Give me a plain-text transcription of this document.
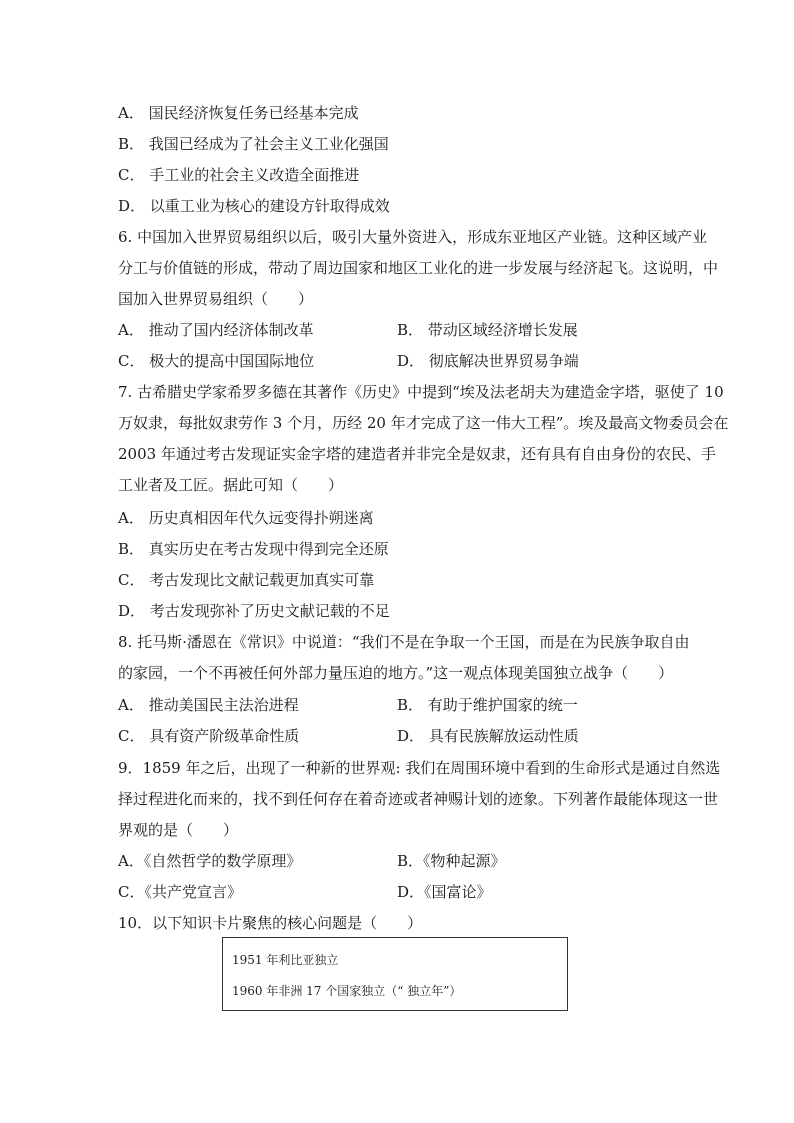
A． 国民经济恢复任务已经基本完成
B． 我国已经成为了社会主义工业化强国
C． 手工业的社会主义改造全面推进
D． 以重工业为核心的建设方针取得成效
6. 中国加入世界贸易组织以后，吸引大量外资进入，形成东亚地区产业链。这种区域产业
分工与价值链的形成，带动了周边国家和地区工业化的进一步发展与经济起飞。这说明，中
国加入世界贸易组织（　　）
A． 推动了国内经济体制改革	B． 带动区域经济增长发展
C． 极大的提高中国国际地位	D． 彻底解决世界贸易争端
7. 古希腊史学家希罗多德在其著作《历史》中提到“埃及法老胡夫为建造金字塔，驱使了 10
万奴隶，每批奴隶劳作 3 个月，历经 20 年才完成了这一伟大工程”。埃及最高文物委员会在
2003 年通过考古发现证实金字塔的建造者并非完全是奴隶，还有具有自由身份的农民、手
工业者及工匠。据此可知（　　）
A． 历史真相因年代久远变得扑朔迷离
B． 真实历史在考古发现中得到完全还原
C． 考古发现比文献记载更加真实可靠
D． 考古发现弥补了历史文献记载的不足
8. 托马斯·潘恩在《常识》中说道：“我们不是在争取一个王国，而是在为民族争取自由
的家园，一个不再被任何外部力量压迫的地方。”这一观点体现美国独立战争（　　）
A． 推动美国民主法治进程	B． 有助于维护国家的统一
C． 具有资产阶级革命性质	D． 具有民族解放运动性质
9．1859 年之后，出现了一种新的世界观: 我们在周围环境中看到的生命形式是通过自然选
择过程进化而来的，找不到任何存在着奇迹或者神赐计划的迹象。下列著作最能体现这一世
界观的是（　　）
A．《自然哲学的数学原理》	B．《物种起源》
C．《共产党宣言》	D．《国富论》
10．以下知识卡片聚焦的核心问题是（　　）
1951 年利比亚独立
1960 年非洲 17 个国家独立（“ 独立年”）
